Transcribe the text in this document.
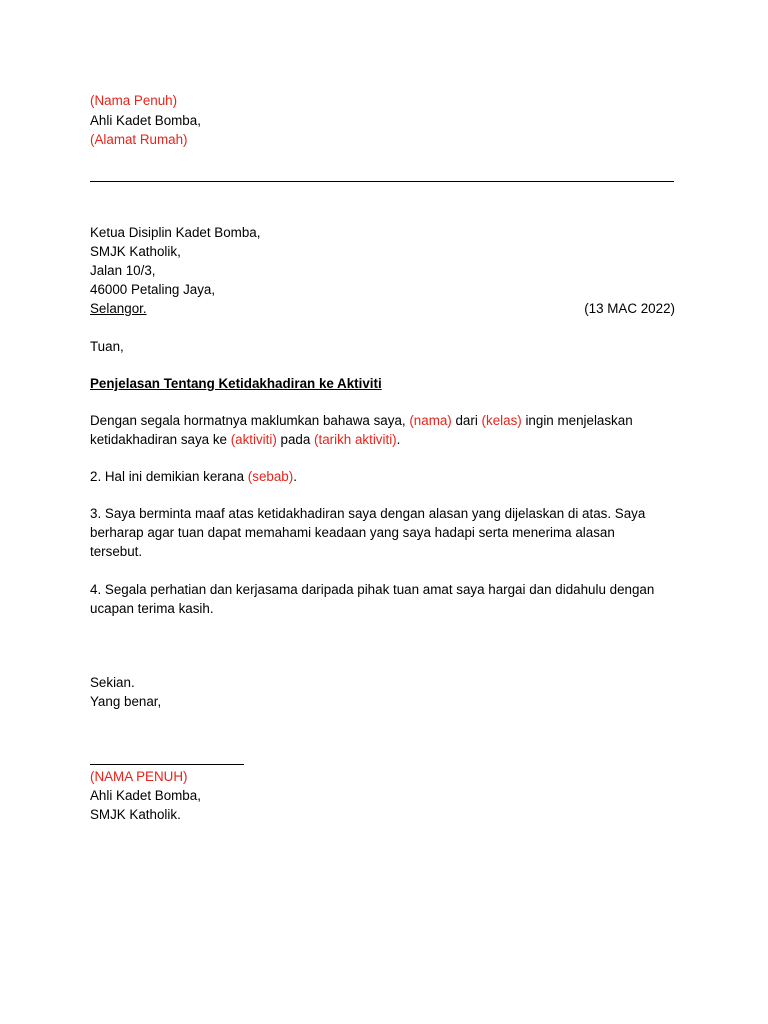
(Nama Penuh)
Ahli Kadet Bomba,
(Alamat Rumah)
Ketua Disiplin Kadet Bomba,
SMJK Katholik,
Jalan 10/3,
46000 Petaling Jaya,
Selangor.	(13 MAC 2022)
Tuan,
Penjelasan Tentang Ketidakhadiran ke Aktiviti
Dengan segala hormatnya maklumkan bahawa saya, (nama) dari (kelas) ingin menjelaskan ketidakhadiran saya ke (aktiviti) pada (tarikh aktiviti).
2. Hal ini demikian kerana (sebab).
3. Saya berminta maaf atas ketidakhadiran saya dengan alasan yang dijelaskan di atas. Saya berharap agar tuan dapat memahami keadaan yang saya hadapi serta menerima alasan tersebut.
4. Segala perhatian dan kerjasama daripada pihak tuan amat saya hargai dan didahulu dengan ucapan terima kasih.
Sekian.
Yang benar,
(NAMA PENUH)
Ahli Kadet Bomba,
SMJK Katholik.
